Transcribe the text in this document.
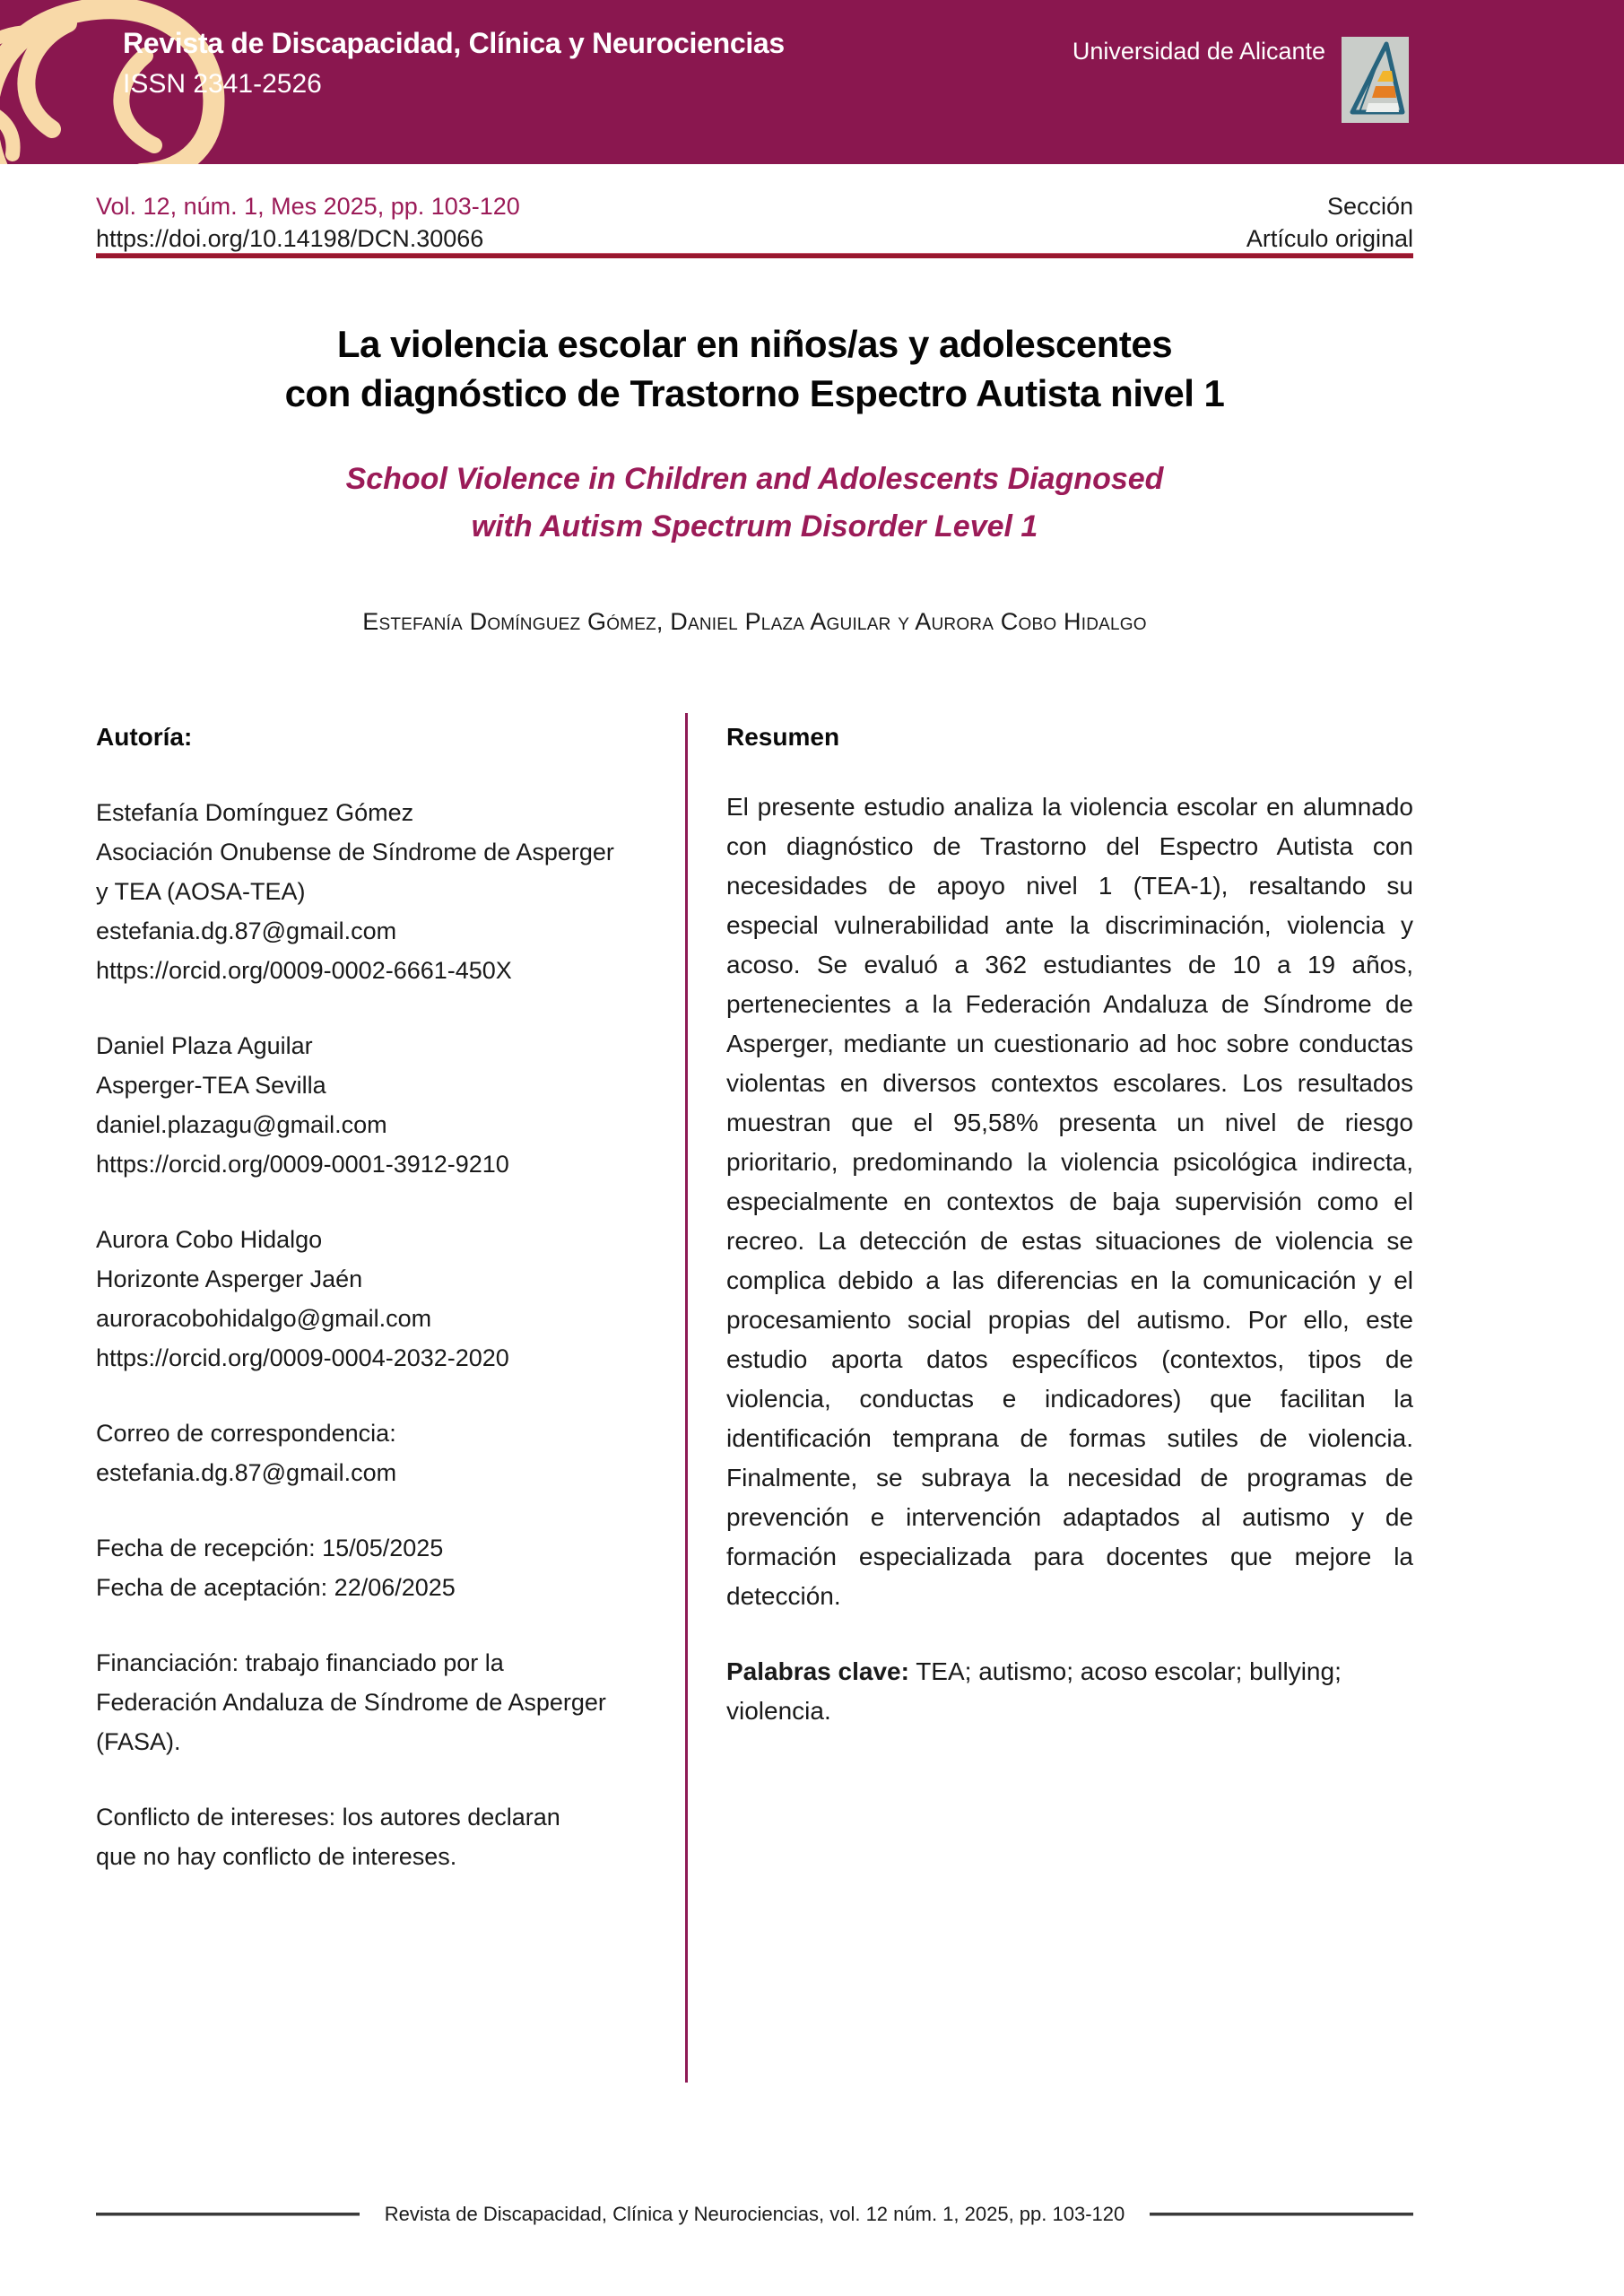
Revista de Discapacidad, Clínica y Neurociencias
ISSN 2341-2526
Universidad de Alicante
Vol. 12, núm. 1, Mes 2025, pp. 103-120
https://doi.org/10.14198/DCN.30066
Sección
Artículo original
La violencia escolar en niños/as y adolescentes
con diagnóstico de Trastorno Espectro Autista nivel 1
School Violence in Children and Adolescents Diagnosed
with Autism Spectrum Disorder Level 1
Estefanía Domínguez Gómez, Daniel Plaza Aguilar y Aurora Cobo Hidalgo
Autoría:
Estefanía Domínguez Gómez
Asociación Onubense de Síndrome de Asperger
y TEA (AOSA-TEA)
estefania.dg.87@gmail.com
https://orcid.org/0009-0002-6661-450X
Daniel Plaza Aguilar
Asperger-TEA Sevilla
daniel.plazagu@gmail.com
https://orcid.org/0009-0001-3912-9210
Aurora Cobo Hidalgo
Horizonte Asperger Jaén
auroracobohidalgo@gmail.com
https://orcid.org/0009-0004-2032-2020
Correo de correspondencia:
estefania.dg.87@gmail.com
Fecha de recepción: 15/05/2025
Fecha de aceptación: 22/06/2025
Financiación: trabajo financiado por la
Federación Andaluza de Síndrome de Asperger
(FASA).
Conflicto de intereses: los autores declaran
que no hay conflicto de intereses.
Resumen

El presente estudio analiza la violencia escolar en alumnado con diagnóstico de Trastorno del Espectro Autista con necesidades de apoyo nivel 1 (TEA-1), resaltando su especial vulnerabilidad ante la discriminación, violencia y acoso. Se evaluó a 362 estudiantes de 10 a 19 años, pertenecientes a la Federación Andaluza de Síndrome de Asperger, mediante un cuestionario ad hoc sobre conductas violentas en diversos contextos escolares. Los resultados muestran que el 95,58% presenta un nivel de riesgo prioritario, predominando la violencia psicológica indirecta, especialmente en contextos de baja supervisión como el recreo. La detección de estas situaciones de violencia se complica debido a las diferencias en la comunicación y el procesamiento social propias del autismo. Por ello, este estudio aporta datos específicos (contextos, tipos de violencia, conductas e indicadores) que facilitan la identificación temprana de formas sutiles de violencia. Finalmente, se subraya la necesidad de programas de prevención e intervención adaptados al autismo y de formación especializada para docentes que mejore la detección.

Palabras clave: TEA; autismo; acoso escolar; bullying; violencia.

Revista de Discapacidad, Clínica y Neurociencias, vol. 12 núm. 1, 2025, pp. 103-120
